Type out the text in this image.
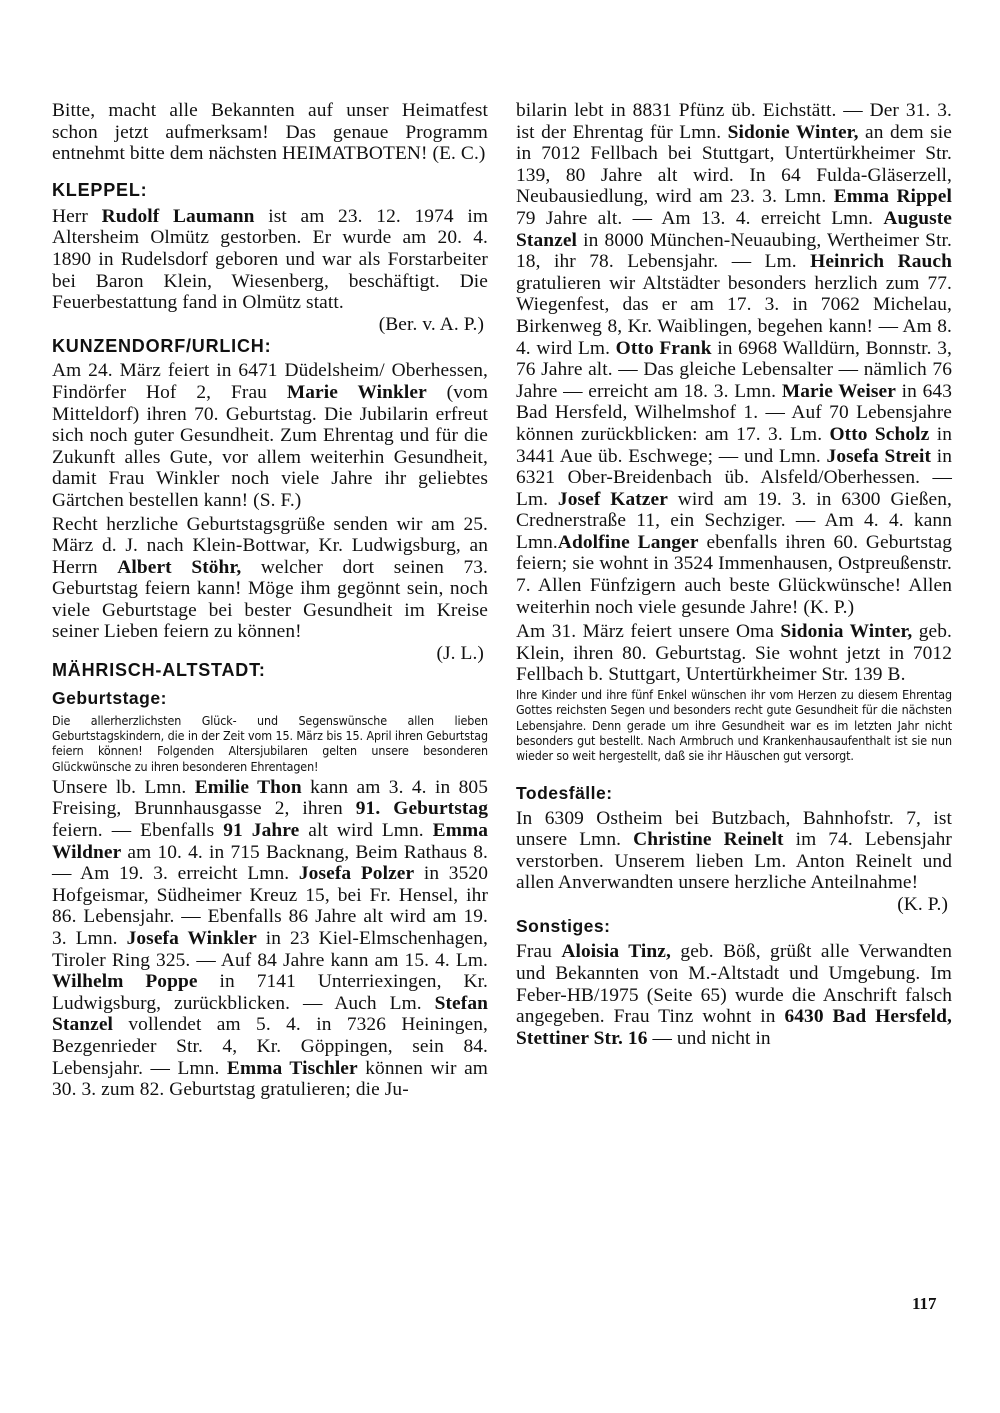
Bitte, macht alle Bekannten auf unser Heimatfest schon jetzt aufmerksam! Das genaue Programm entnehmt bitte dem nächsten HEIMATBOTEN! (E. C.)

KLEPPEL:

Herr Rudolf Laumann ist am 23. 12. 1974 im Altersheim Olmütz gestorben. Er wurde am 20. 4. 1890 in Rudelsdorf geboren und war als Forstarbeiter bei Baron Klein, Wiesenberg, beschäftigt. Die Feuerbestattung fand in Olmütz statt.
(Ber. v. A. P.)

KUNZENDORF/URLICH:

Am 24. März feiert in 6471 Düdelsheim/ Oberhessen, Findörfer Hof 2, Frau Marie Winkler (vom Mitteldorf) ihren 70. Geburtstag. Die Jubilarin erfreut sich noch guter Gesundheit. Zum Ehrentag und für die Zukunft alles Gute, vor allem weiterhin Gesundheit, damit Frau Winkler noch viele Jahre ihr geliebtes Gärtchen bestellen kann! (S. F.)

Recht herzliche Geburtstagsgrüße senden wir am 25. März d. J. nach Klein-Bottwar, Kr. Ludwigsburg, an Herrn Albert Stöhr, welcher dort seinen 73. Geburtstag feiern kann! Möge ihm gegönnt sein, noch viele Geburtstage bei bester Gesundheit im Kreise seiner Lieben feiern zu können!
(J. L.)

MÄHRISCH-ALTSTADT:
Geburtstage:

Die allerherzlichsten Glück- und Segenswünsche allen lieben Geburtstagskindern, die in der Zeit vom 15. März bis 15. April ihren Geburtstag feiern können! Folgenden Altersjubilaren gelten unsere besonderen Glückwünsche zu ihren besonderen Ehrentagen!

Unsere lb. Lmn. Emilie Thon kann am 3. 4. in 805 Freising, Brunnhausgasse 2, ihren 91. Geburtstag feiern. — Ebenfalls 91 Jahre alt wird Lmn. Emma Wildner am 10. 4. in 715 Backnang, Beim Rathaus 8. — Am 19. 3. erreicht Lmn. Josefa Polzer in 3520 Hofgeismar, Südheimer Kreuz 15, bei Fr. Hensel, ihr 86. Lebensjahr. — Ebenfalls 86 Jahre alt wird am 19. 3. Lmn. Josefa Winkler in 23 Kiel-Elmschenhagen, Tiroler Ring 325. — Auf 84 Jahre kann am 15. 4. Lm. Wilhelm Poppe in 7141 Unterriexingen, Kr. Ludwigsburg, zurückblicken. — Auch Lm. Stefan Stanzel vollendet am 5. 4. in 7326 Heiningen, Bezgenrieder Str. 4, Kr. Göppingen, sein 84. Lebensjahr. — Lmn. Emma Tischler können wir am 30. 3. zum 82. Geburtstag gratulieren; die Ju-

bilarin lebt in 8831 Pfünz üb. Eichstätt. — Der 31. 3. ist der Ehrentag für Lmn. Sidonie Winter, an dem sie in 7012 Fellbach bei Stuttgart, Untertürkheimer Str. 139, 80 Jahre alt wird. In 64 Fulda-Gläserzell, Neubausiedlung, wird am 23. 3. Lmn. Emma Rippel 79 Jahre alt. — Am 13. 4. erreicht Lmn. Auguste Stanzel in 8000 München-Neuaubing, Wertheimer Str. 18, ihr 78. Lebensjahr. — Lm. Heinrich Rauch gratulieren wir Altstädter besonders herzlich zum 77. Wiegenfest, das er am 17. 3. in 7062 Michelau, Birkenweg 8, Kr. Waiblingen, begehen kann! — Am 8. 4. wird Lm. Otto Frank in 6968 Walldürn, Bonnstr. 3, 76 Jahre alt. — Das gleiche Lebensalter — nämlich 76 Jahre — erreicht am 18. 3. Lmn. Marie Weiser in 643 Bad Hersfeld, Wilhelmshof 1. — Auf 70 Lebensjahre können zurückblicken: am 17. 3. Lm. Otto Scholz in 3441 Aue üb. Eschwege; — und Lmn. Josefa Streit in 6321 Ober-Breidenbach üb. Alsfeld/Oberhessen. — Lm. Josef Katzer wird am 19. 3. in 6300 Gießen, Crednerstraße 11, ein Sechziger. — Am 4. 4. kann Lmn.Adolfine Langer ebenfalls ihren 60. Geburtstag feiern; sie wohnt in 3524 Immenhausen, Ostpreußenstr. 7. Allen Fünfzigern auch beste Glückwünsche! Allen weiterhin noch viele gesunde Jahre! (K. P.)

Am 31. März feiert unsere Oma Sidonia Winter, geb. Klein, ihren 80. Geburtstag. Sie wohnt jetzt in 7012 Fellbach b. Stuttgart, Untertürkheimer Str. 139 B.

Ihre Kinder und ihre fünf Enkel wünschen ihr vom Herzen zu diesem Ehrentag Gottes reichsten Segen und besonders recht gute Gesundheit für die nächsten Lebensjahre. Denn gerade um ihre Gesundheit war es im letzten Jahr nicht besonders gut bestellt. Nach Armbruch und Krankenhausaufenthalt ist sie nun wieder so weit hergestellt, daß sie ihr Häuschen gut versorgt.

Todesfälle:

In 6309 Ostheim bei Butzbach, Bahnhofstr. 7, ist unsere Lmn. Christine Reinelt im 74. Lebensjahr verstorben. Unserem lieben Lm. Anton Reinelt und allen Anverwandten unsere herzliche Anteilnahme!
(K. P.)

Sonstiges:

Frau Aloisia Tinz, geb. Böß, grüßt alle Verwandten und Bekannten von M.-Altstadt und Umgebung. Im Feber-HB/1975 (Seite 65) wurde die Anschrift falsch angegeben. Frau Tinz wohnt in 6430 Bad Hersfeld, Stettiner Str. 16 — und nicht in

117
